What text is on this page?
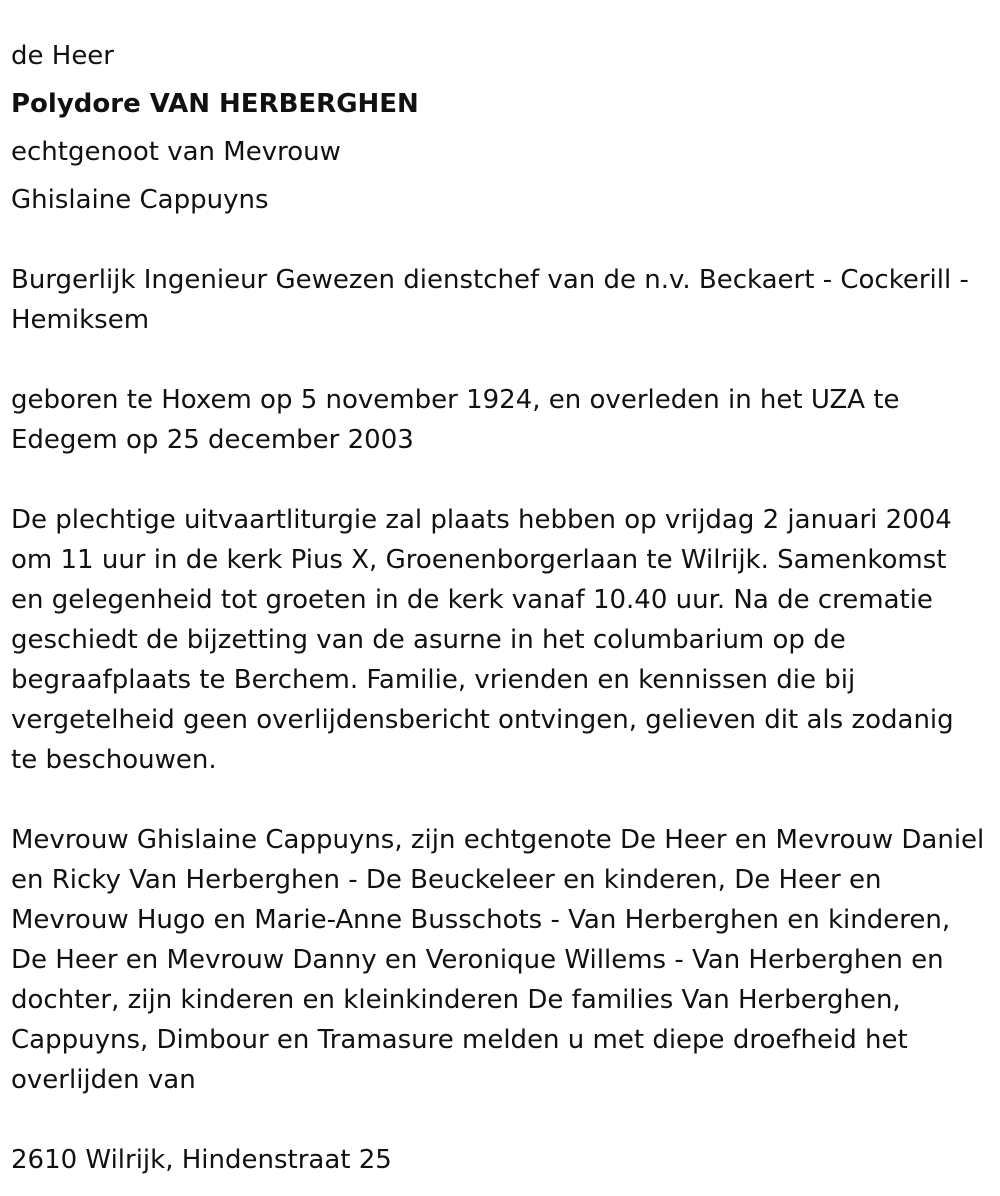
de Heer

Polydore VAN HERBERGHEN

echtgenoot van Mevrouw

Ghislaine Cappuyns

Burgerlijk Ingenieur Gewezen dienstchef van de n.v. Beckaert - Cockerill - Hemiksem

geboren te Hoxem op 5 november 1924, en overleden in het UZA te Edegem op 25 december 2003

De plechtige uitvaartliturgie zal plaats hebben op vrijdag 2 januari 2004 om 11 uur in de kerk Pius X, Groenenborgerlaan te Wilrijk. Samenkomst en gelegenheid tot groeten in de kerk vanaf 10.40 uur. Na de crematie geschiedt de bijzetting van de asurne in het columbarium op de begraafplaats te Berchem. Familie, vrienden en kennissen die bij vergetelheid geen overlijdensbericht ontvingen, gelieven dit als zodanig te beschouwen.

Mevrouw Ghislaine Cappuyns, zijn echtgenote De Heer en Mevrouw Daniel en Ricky Van Herberghen - De Beuckeleer en kinderen, De Heer en Mevrouw Hugo en Marie-Anne Busschots - Van Herberghen en kinderen, De Heer en Mevrouw Danny en Veronique Willems - Van Herberghen en dochter, zijn kinderen en kleinkinderen De families Van Herberghen, Cappuyns, Dimbour en Tramasure melden u met diepe droefheid het overlijden van

2610 Wilrijk, Hindenstraat 25
